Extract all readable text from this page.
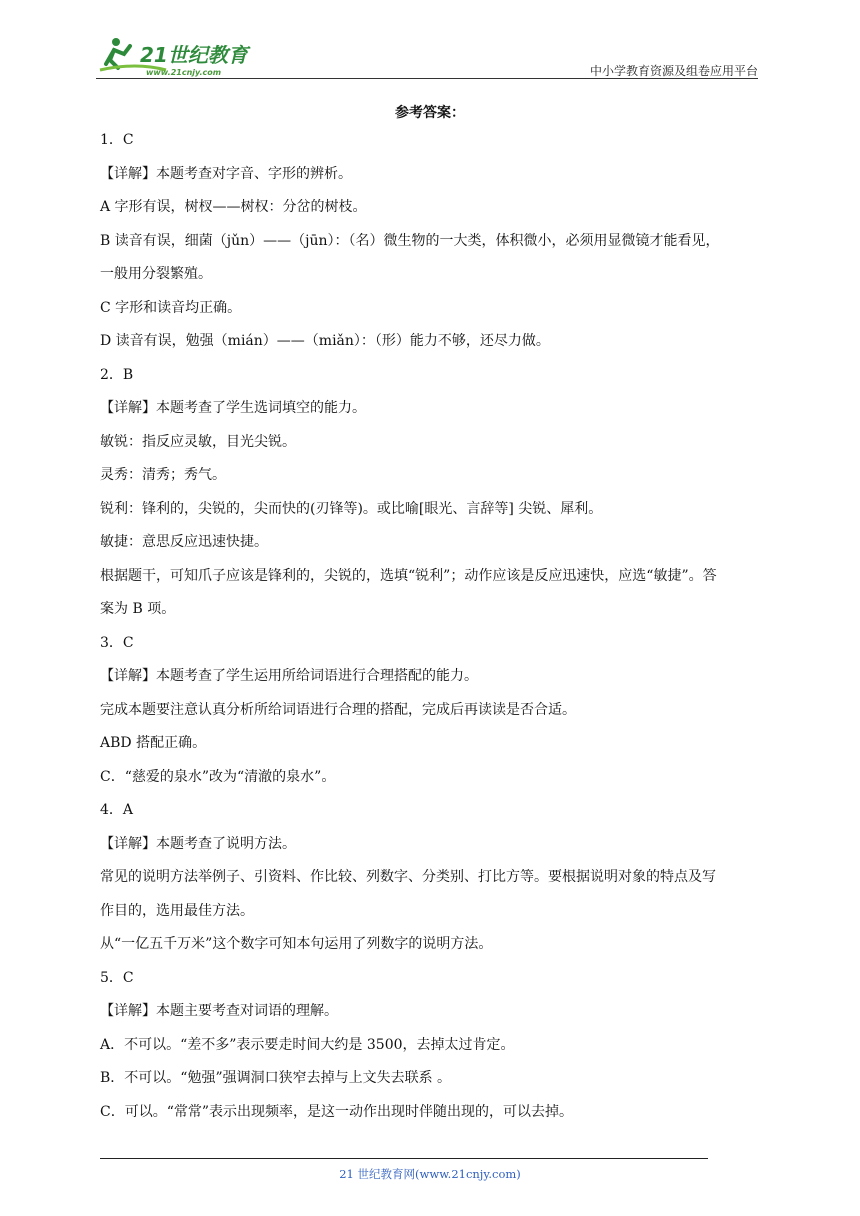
21世纪教育
www.21cnjy.com	中小学教育资源及组卷应用平台
参考答案：

1．C

【详解】本题考查对字音、字形的辨析。

A 字形有误，树杈——树权：分岔的树枝。

B 读音有误，细菌（jǔn）——（jūn）：（名）微生物的一大类，体积微小，必须用显微镜才能看见，

一般用分裂繁殖。

C 字形和读音均正确。

D 读音有误，勉强（mián）——（miǎn）：（形）能力不够，还尽力做。

2．B

【详解】本题考查了学生选词填空的能力。

敏锐：指反应灵敏，目光尖锐。

灵秀：清秀；秀气。

锐利：锋利的，尖锐的，尖而快的(刃锋等)。或比喻[眼光、言辞等] 尖锐、犀利。

敏捷：意思反应迅速快捷。

根据题干，可知爪子应该是锋利的，尖锐的，选填“锐利”；动作应该是反应迅速快，应选“敏捷”。答

案为 B 项。

3．C

【详解】本题考查了学生运用所给词语进行合理搭配的能力。

完成本题要注意认真分析所给词语进行合理的搭配，完成后再读读是否合适。

ABD 搭配正确。

C．“慈爱的泉水”改为“清澈的泉水”。

4．A

【详解】本题考查了说明方法。

常见的说明方法举例子、引资料、作比较、列数字、分类别、打比方等。要根据说明对象的特点及写

作目的，选用最佳方法。

从“一亿五千万米”这个数字可知本句运用了列数字的说明方法。

5．C

【详解】本题主要考查对词语的理解。

A．不可以。“差不多”表示要走时间大约是 3500，去掉太过肯定。

B．不可以。“勉强”强调洞口狭窄去掉与上文失去联系 。

C．可以。“常常”表示出现频率，是这一动作出现时伴随出现的，可以去掉。

21 世纪教育网(www.21cnjy.com)
